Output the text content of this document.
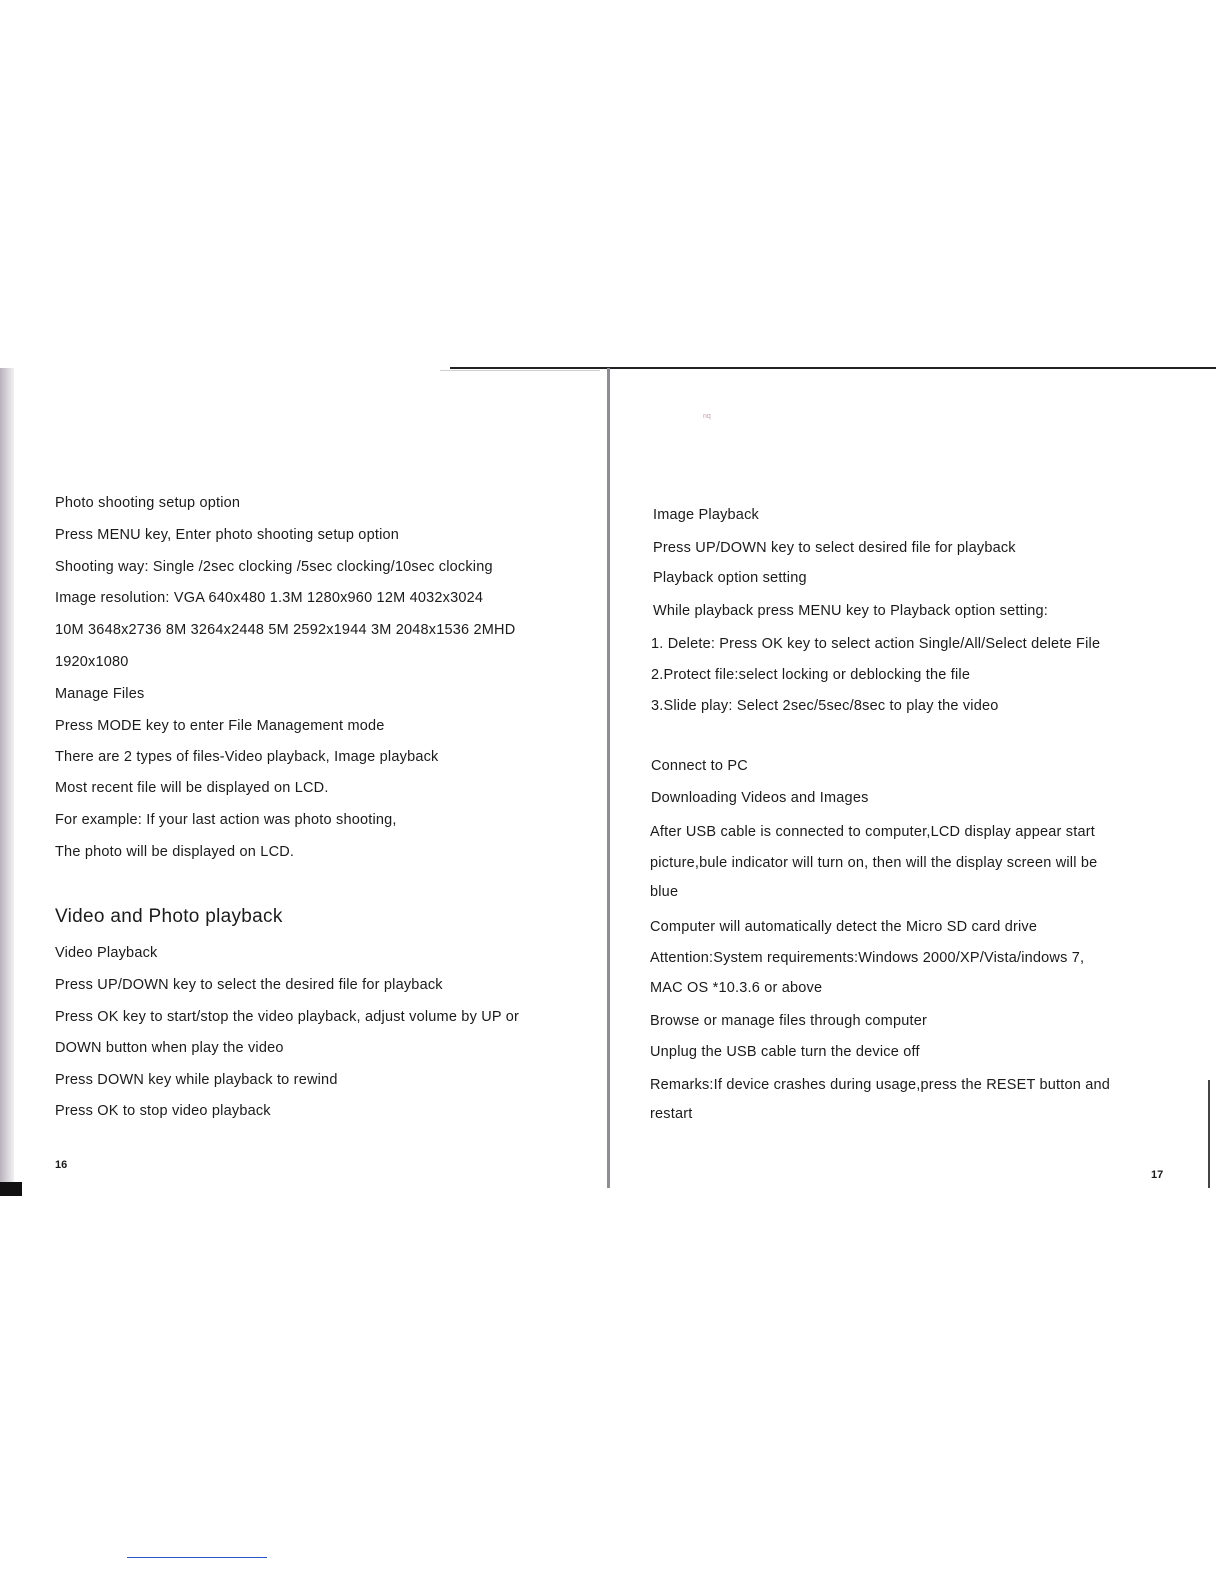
nq
Photo shooting setup option
Press MENU key, Enter photo shooting setup option
Shooting way: Single /2sec clocking /5sec clocking/10sec clocking
Image resolution: VGA 640x480 1.3M 1280x960 12M 4032x3024
10M 3648x2736 8M 3264x2448 5M 2592x1944 3M 2048x1536 2MHD
1920x1080
Manage Files
Press MODE key to enter File Management mode
There are 2 types of files-Video playback, Image playback
Most recent file will be displayed on LCD.
For example: If your last action was photo shooting,
The photo will be displayed on LCD.
Video and Photo playback
Video Playback
Press UP/DOWN key to select the desired file for playback
Press OK key to start/stop the video playback, adjust volume by UP or
DOWN button when play the video
Press DOWN key while playback to rewind
Press OK to stop video playback
16
Image Playback
Press UP/DOWN key to select desired file for playback
Playback option setting
While playback press MENU key to Playback option setting:
1. Delete: Press OK key to select action Single/All/Select delete File
2.Protect file:select locking or deblocking the file
3.Slide play: Select 2sec/5sec/8sec to play the video
Connect to PC
Downloading Videos and Images
After USB cable is connected to computer,LCD display appear start
picture,bule indicator will turn on, then will the display screen will be
blue
Computer will automatically detect the Micro SD card drive
Attention:System requirements:Windows 2000/XP/Vista/indows 7,
MAC OS *10.3.6 or above
Browse or manage files through computer
Unplug the USB cable turn the device off
Remarks:If device crashes during usage,press the RESET button and
restart
17
